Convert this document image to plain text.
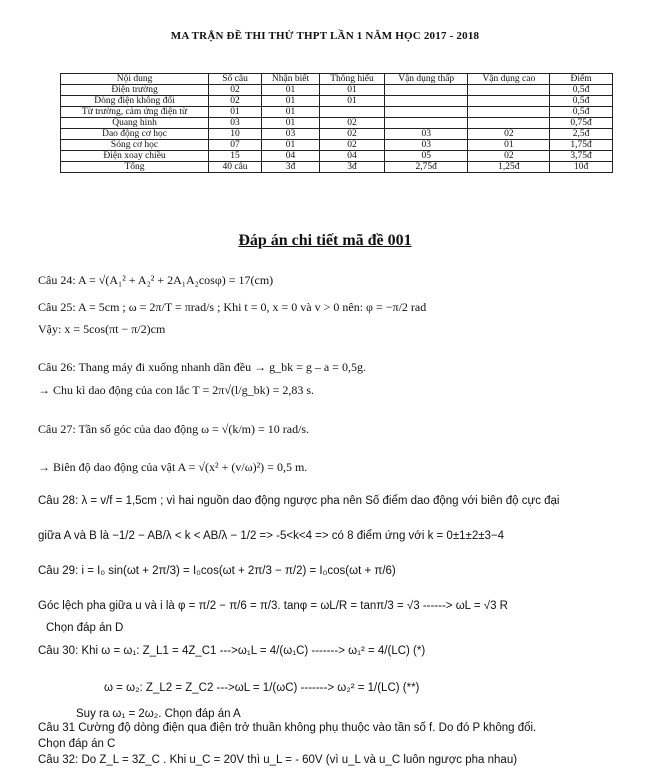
MA TRẬN ĐỀ THI THỬ THPT LẦN 1 NĂM HỌC 2017 - 2018
Nội dung	Số câu	Nhận biết	Thông hiểu	Vận dụng thấp	Vận dụng cao	Điểm
Điện trường	02	01	01			0,5đ
Dòng điện không đổi	02	01	01			0,5đ
Từ trường, cảm ứng điện từ	01	01				0,5đ
Quang hình	03	01	02			0,75đ
Dao động cơ học	10	03	02	03	02	2,5đ
Sóng cơ học	07	01	02	03	01	1,75đ
Điện xoay chiều	15	04	04	05	02	3,75đ
Tổng	40 câu	3đ	3đ	2,75đ	1,25đ	10đ
Đáp án chi tiết mã đề 001
Câu 24: A = √(A₁² + A₂² + 2A₁A₂cosφ) = 17(cm)
Câu 25: A = 5cm ; ω = 2π/T = πrad/s ; Khi t = 0, x = 0 và v > 0 nên: φ = −π/2 rad
Vậy: x = 5cos(πt − π/2)cm
Câu 26: Thang máy đi xuống nhanh dần đều → g_bk = g – a = 0,5g.
→ Chu kì dao động của con lắc T = 2π√(l/g_bk) = 2,83 s.
Câu 27: Tần số góc của dao động ω = √(k/m) = 10 rad/s.
→ Biên độ dao động của vật A = √(x² + (v/ω)²) = 0,5 m.
Câu 28: λ = v/f = 1,5cm ; vì hai nguồn dao động ngược pha nên Số điểm dao động với biên độ cực đại
giữa A và B là −1/2 − AB/λ < k < AB/λ − 1/2 => -5<k<4 => có 8 điểm ứng với k = 0±1±2±3−4
Câu 29: i = I₀ sin(ωt + 2π/3) = I₀cos(ωt + 2π/3 − π/2) = I₀cos(ωt + π/6)
Góc lệch pha giữa u và i là φ = π/2 − π/6 = π/3. tanφ = ωL/R = tanπ/3 = √3 ------> ωL = √3 R
Chọn đáp án D
Câu 30: Khi ω = ω₁: Z_L1 = 4Z_C1 --->ω₁L = 4/(ω₁C) -------> ω₁² = 4/(LC) (*)
ω = ω₂: Z_L2 = Z_C2 --->ωL = 1/(ωC) -------> ω₂² = 1/(LC) (**)
Suy ra ω₁ = 2ω₂. Chọn đáp án A
Câu 31 Cường độ dòng điện qua điện trở thuần không phụ thuộc vào tần số f. Do đó P không đổi.
Chọn đáp án C
Câu 32: Do Z_L = 3Z_C . Khi u_C = 20V thì u_L = - 60V (vì u_L và u_C luôn ngược pha nhau)
